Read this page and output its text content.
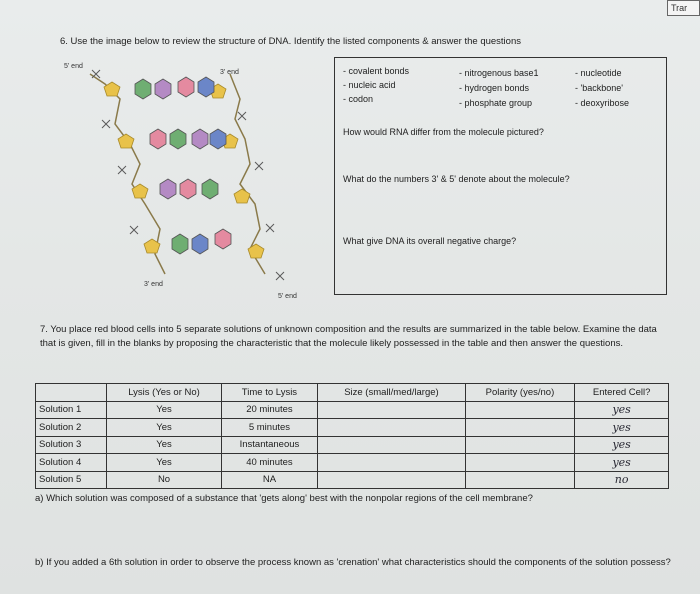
Trar
6. Use the image below to review the structure of DNA. Identify the listed components & answer the questions
5' end
3' end
3' end
5' end
- covalent bonds
- nucleic acid
- codon
- nitrogenous base1
- hydrogen bonds
- phosphate group
- nucleotide
- 'backbone'
- deoxyribose
How would RNA differ from the molecule pictured?
What do the numbers 3' & 5' denote about the molecule?
What give DNA its overall negative charge?
7. You place red blood cells into 5 separate solutions of unknown composition and the results are summarized in the table below. Examine the data that is given, fill in the blanks by proposing the characteristic that the molecule likely possessed in the table and then answer the questions.
	Lysis (Yes or No)	Time to Lysis	Size (small/med/large)	Polarity (yes/no)	Entered Cell?
Solution 1	Yes	20 minutes			yes
Solution 2	Yes	5 minutes			yes
Solution 3	Yes	Instantaneous			yes
Solution 4	Yes	40 minutes			yes
Solution 5	No	NA			no
a) Which solution was composed of a substance that 'gets along' best with the nonpolar regions of the cell membrane?
b) If you added a 6th solution in order to observe the process known as 'crenation' what characteristics should the components of the solution possess?
